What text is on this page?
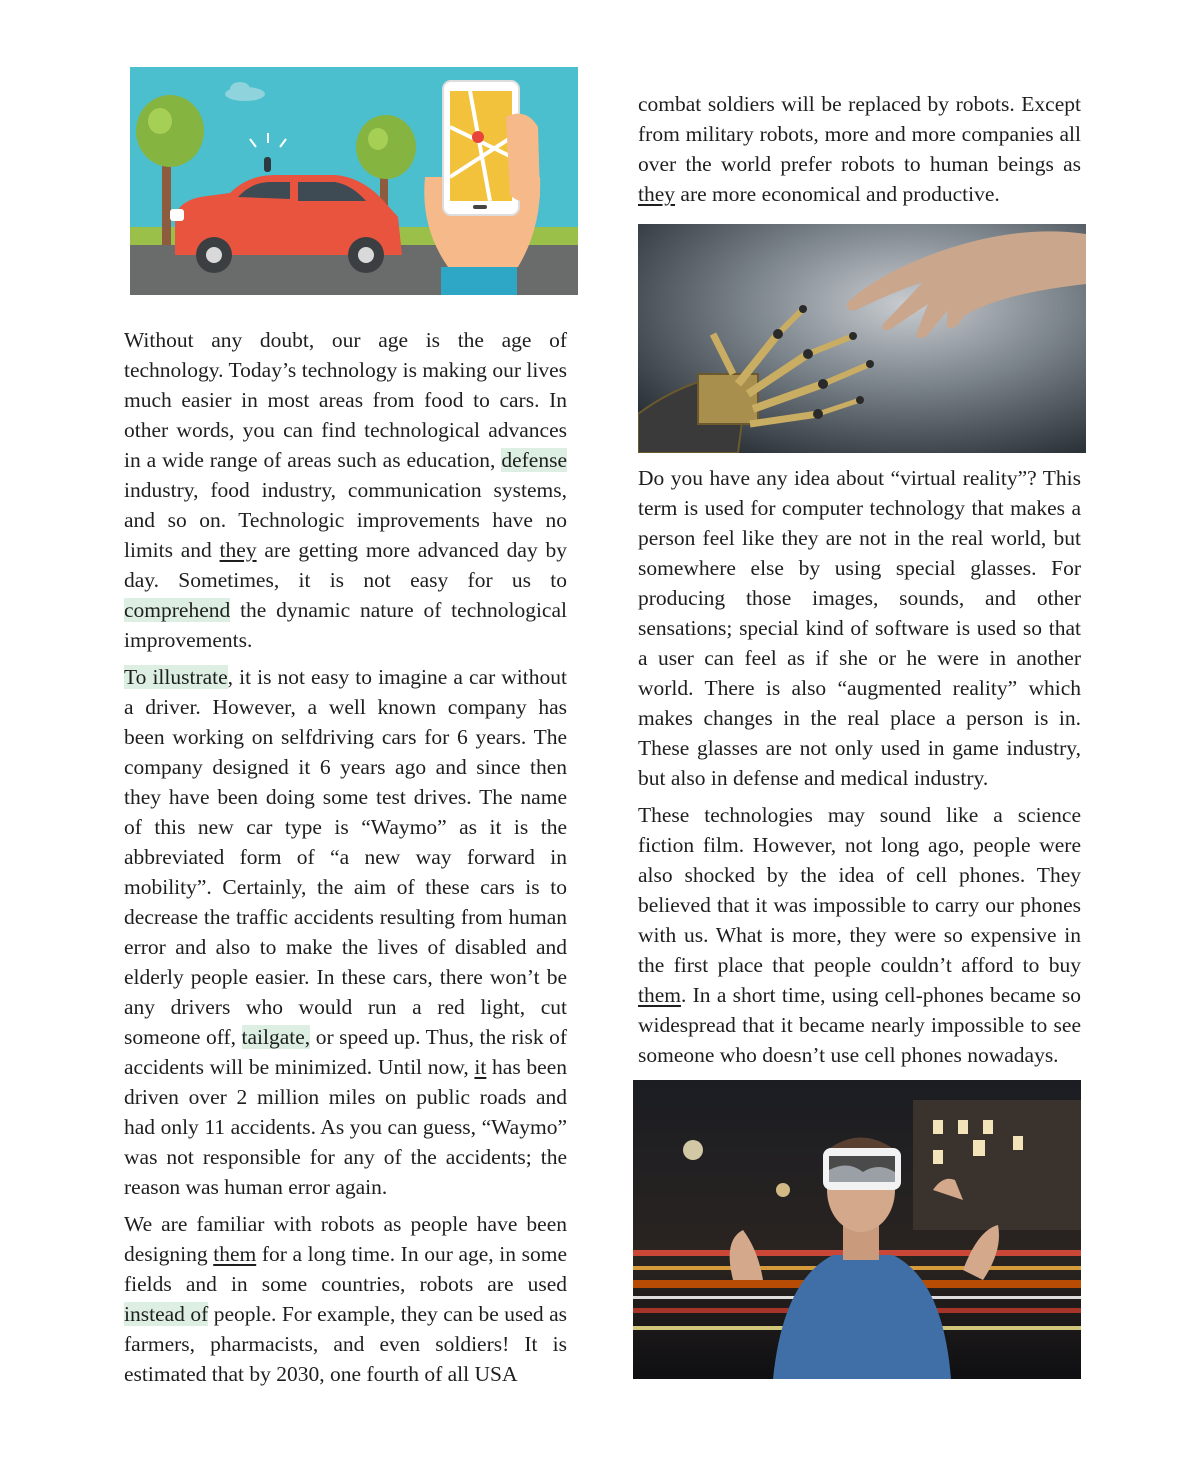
Without any doubt, our age is the age of technology. Today’s technology is making our lives much easier in most areas from food to cars. In other words, you can find technological advances in a wide range of areas such as education, defense industry, food industry, communication systems, and so on. Technologic improvements have no limits and they are getting more advanced day by day. Sometimes, it is not easy for us to comprehend the dynamic nature of technological improvements.

To illustrate, it is not easy to imagine a car without a driver. However, a well known company has been working on selfdriving cars for 6 years. The company designed it 6 years ago and since then they have been doing some test drives. The name of this new car type is “Waymo” as it is the abbreviated form of “a new way forward in mobility”. Certainly, the aim of these cars is to decrease the traffic accidents resulting from human error and also to make the lives of disabled and elderly people easier. In these cars, there won’t be any drivers who would run a red light, cut someone off, tailgate, or speed up. Thus, the risk of accidents will be minimized. Until now, it has been driven over 2 million miles on public roads and had only 11 accidents. As you can guess, “Waymo” was not responsible for any of the accidents; the reason was human error again.

We are familiar with robots as people have been designing them for a long time. In our age, in some fields and in some countries, robots are used instead of people. For example, they can be used as farmers, pharmacists, and even soldiers! It is estimated that by 2030, one fourth of all USA

combat soldiers will be replaced by robots. Except from military robots, more and more companies all over the world prefer robots to human beings as they are more economical and productive.

Do you have any idea about “virtual reality”? This term is used for computer technology that makes a person feel like they are not in the real world, but somewhere else by using special glasses. For producing those images, sounds, and other sensations; special kind of software is used so that a user can feel as if she or he were in another world. There is also “augmented reality” which makes changes in the real place a person is in. These glasses are not only used in game industry, but also in defense and medical industry.

These technologies may sound like a science fiction film. However, not long ago, people were also shocked by the idea of cell phones. They believed that it was impossible to carry our phones with us. What is more, they were so expensive in the first place that people couldn’t afford to buy them. In a short time, using cell-phones became so widespread that it became nearly impossible to see someone who doesn’t use cell phones nowadays.
